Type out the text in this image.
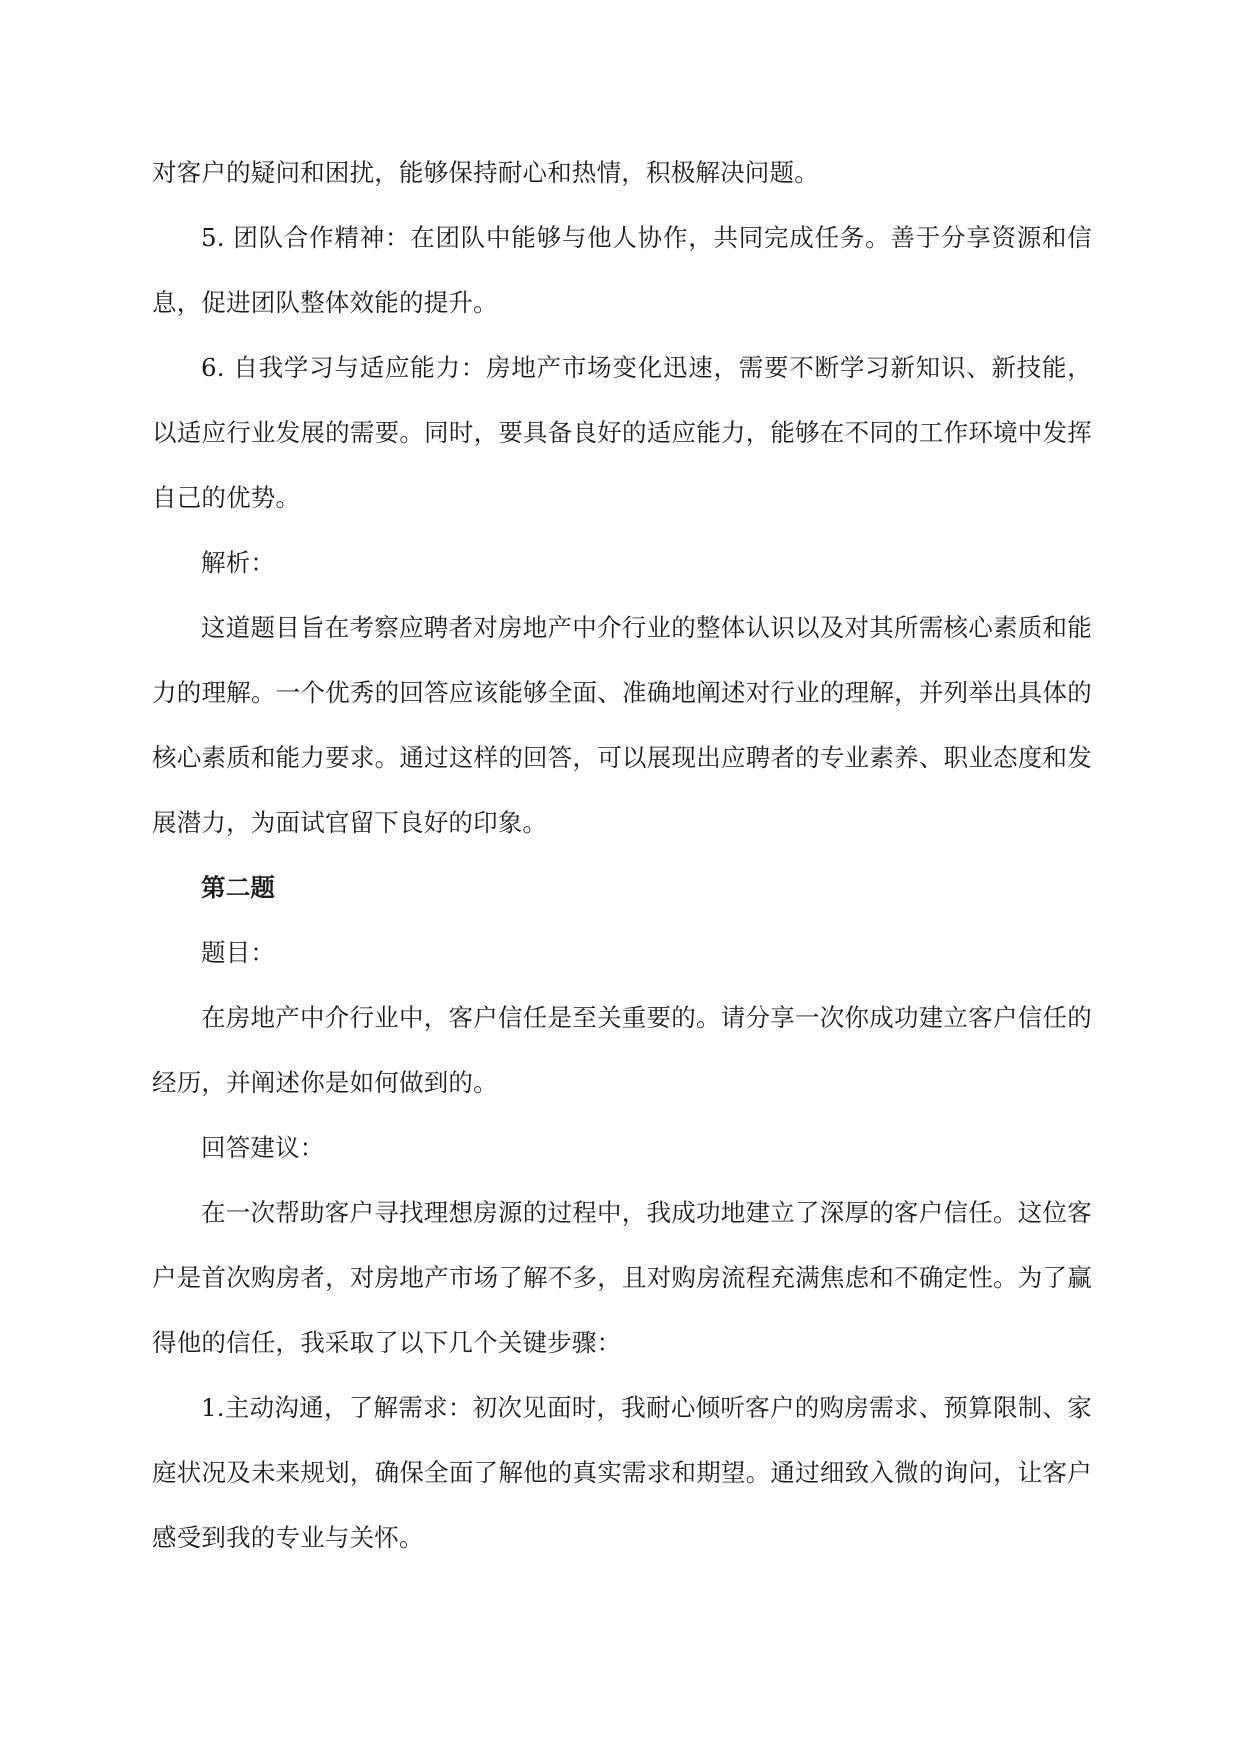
对客户的疑问和困扰，能够保持耐心和热情，积极解决问题。

5. 团队合作精神：在团队中能够与他人协作，共同完成任务。善于分享资源和信息，促进团队整体效能的提升。

6. 自我学习与适应能力：房地产市场变化迅速，需要不断学习新知识、新技能，以适应行业发展的需要。同时，要具备良好的适应能力，能够在不同的工作环境中发挥自己的优势。

解析：

这道题目旨在考察应聘者对房地产中介行业的整体认识以及对其所需核心素质和能力的理解。一个优秀的回答应该能够全面、准确地阐述对行业的理解，并列举出具体的核心素质和能力要求。通过这样的回答，可以展现出应聘者的专业素养、职业态度和发展潜力，为面试官留下良好的印象。

第二题

题目：

在房地产中介行业中，客户信任是至关重要的。请分享一次你成功建立客户信任的经历，并阐述你是如何做到的。

回答建议：

在一次帮助客户寻找理想房源的过程中，我成功地建立了深厚的客户信任。这位客户是首次购房者，对房地产市场了解不多，且对购房流程充满焦虑和不确定性。为了赢得他的信任，我采取了以下几个关键步骤：

1.主动沟通，了解需求：初次见面时，我耐心倾听客户的购房需求、预算限制、家庭状况及未来规划，确保全面了解他的真实需求和期望。通过细致入微的询问，让客户感受到我的专业与关怀。
